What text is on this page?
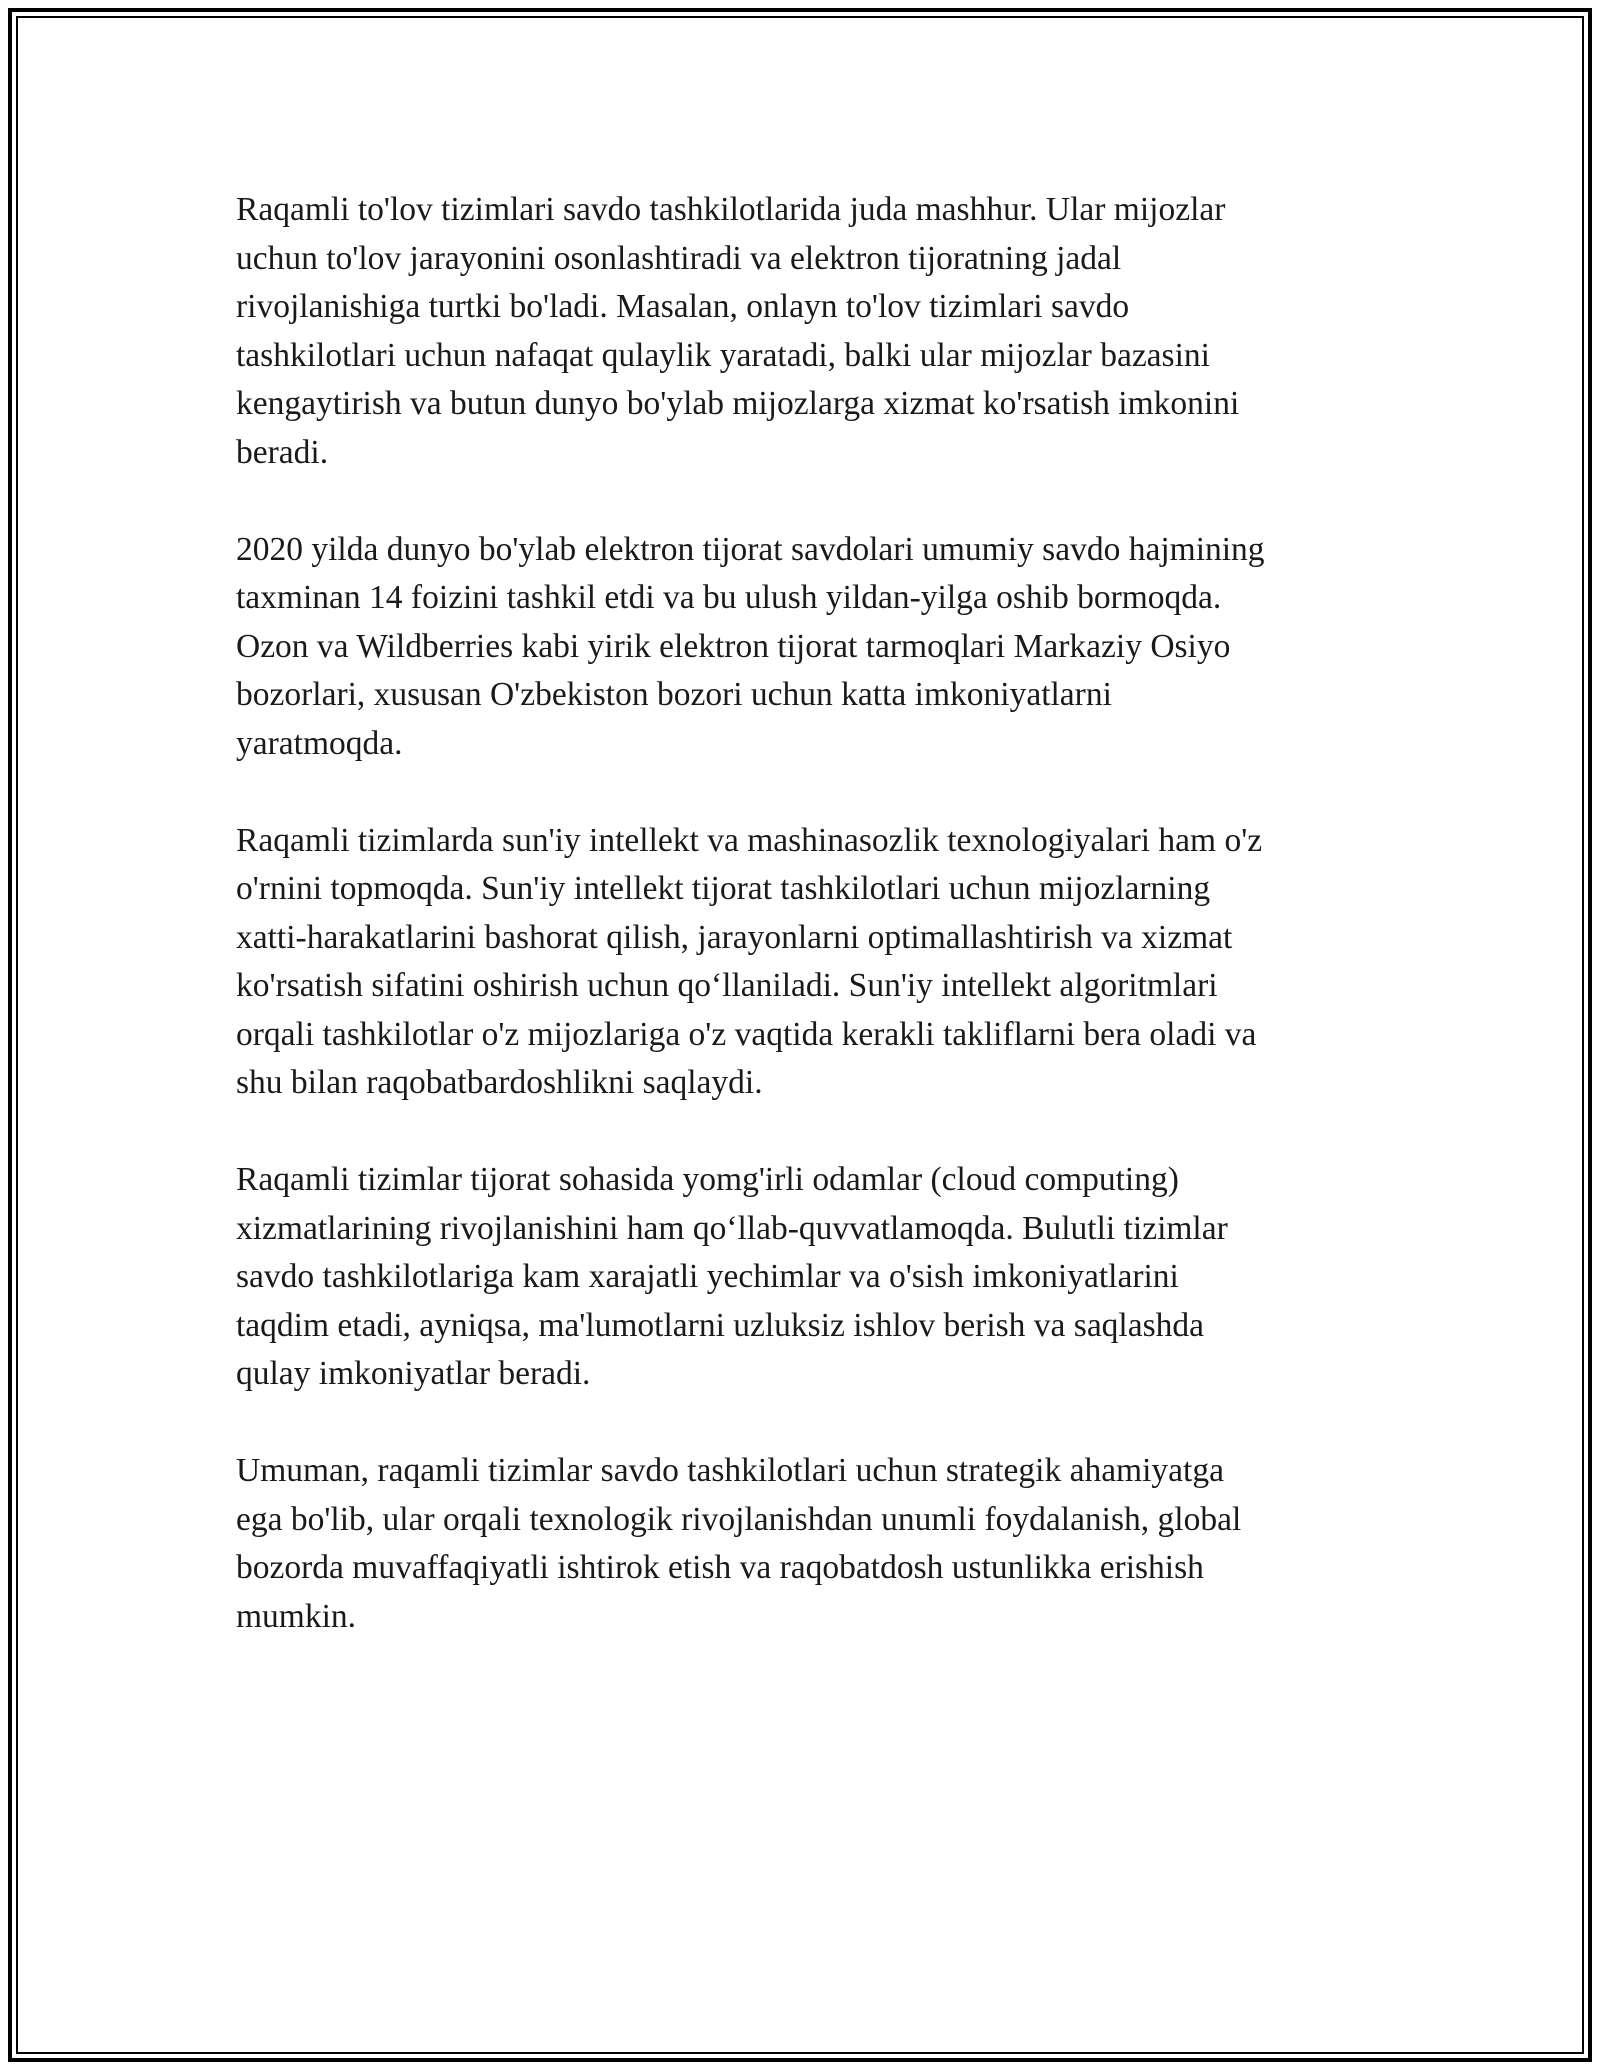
Raqamli to'lov tizimlari savdo tashkilotlarida juda mashhur. Ular mijozlar
uchun to'lov jarayonini osonlashtiradi va elektron tijoratning jadal
rivojlanishiga turtki bo'ladi. Masalan, onlayn to'lov tizimlari savdo
tashkilotlari uchun nafaqat qulaylik yaratadi, balki ular mijozlar bazasini
kengaytirish va butun dunyo bo'ylab mijozlarga xizmat ko'rsatish imkonini
beradi.

2020 yilda dunyo bo'ylab elektron tijorat savdolari umumiy savdo hajmining
taxminan 14 foizini tashkil etdi va bu ulush yildan-yilga oshib bormoqda.
Ozon va Wildberries kabi yirik elektron tijorat tarmoqlari Markaziy Osiyo
bozorlari, xususan O'zbekiston bozori uchun katta imkoniyatlarni
yaratmoqda.

Raqamli tizimlarda sun'iy intellekt va mashinasozlik texnologiyalari ham o'z
o'rnini topmoqda. Sun'iy intellekt tijorat tashkilotlari uchun mijozlarning
xatti-harakatlarini bashorat qilish, jarayonlarni optimallashtirish va xizmat
ko'rsatish sifatini oshirish uchun qo‘llaniladi. Sun'iy intellekt algoritmlari
orqali tashkilotlar o'z mijozlariga o'z vaqtida kerakli takliflarni bera oladi va
shu bilan raqobatbardoshlikni saqlaydi.

Raqamli tizimlar tijorat sohasida yomg'irli odamlar (cloud computing)
xizmatlarining rivojlanishini ham qo‘llab-quvvatlamoqda. Bulutli tizimlar
savdo tashkilotlariga kam xarajatli yechimlar va o'sish imkoniyatlarini
taqdim etadi, ayniqsa, ma'lumotlarni uzluksiz ishlov berish va saqlashda
qulay imkoniyatlar beradi.

Umuman, raqamli tizimlar savdo tashkilotlari uchun strategik ahamiyatga
ega bo'lib, ular orqali texnologik rivojlanishdan unumli foydalanish, global
bozorda muvaffaqiyatli ishtirok etish va raqobatdosh ustunlikka erishish
mumkin.
